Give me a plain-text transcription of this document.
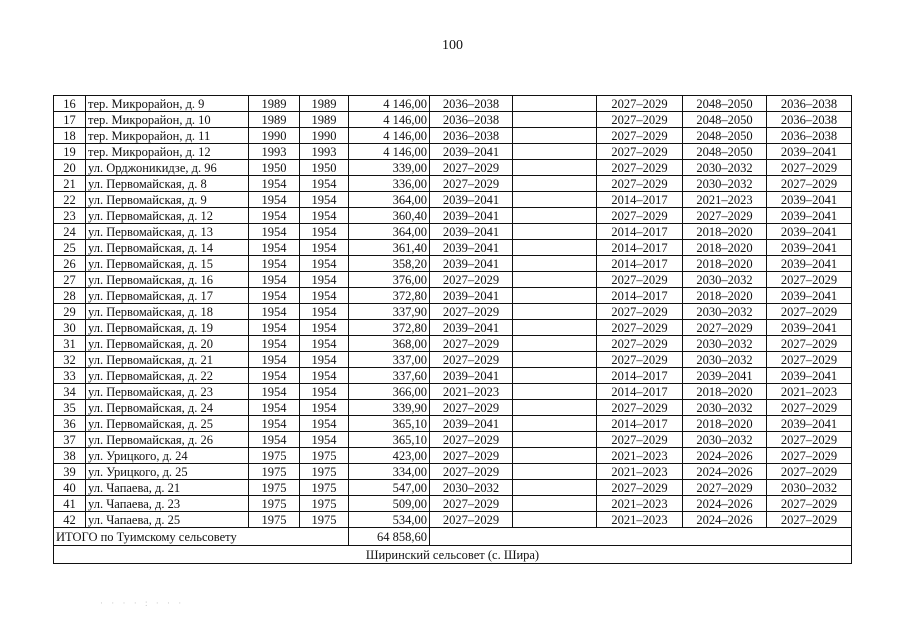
100
16	тер. Микрорайон, д. 9	1989	1989	4 146,00	2036–2038		2027–2029	2048–2050	2036–2038
17	тер. Микрорайон, д. 10	1989	1989	4 146,00	2036–2038		2027–2029	2048–2050	2036–2038
18	тер. Микрорайон, д. 11	1990	1990	4 146,00	2036–2038		2027–2029	2048–2050	2036–2038
19	тер. Микрорайон, д. 12	1993	1993	4 146,00	2039–2041		2027–2029	2048–2050	2039–2041
20	ул. Орджоникидзе, д. 96	1950	1950	339,00	2027–2029		2027–2029	2030–2032	2027–2029
21	ул. Первомайская, д. 8	1954	1954	336,00	2027–2029		2027–2029	2030–2032	2027–2029
22	ул. Первомайская, д. 9	1954	1954	364,00	2039–2041		2014–2017	2021–2023	2039–2041
23	ул. Первомайская, д. 12	1954	1954	360,40	2039–2041		2027–2029	2027–2029	2039–2041
24	ул. Первомайская, д. 13	1954	1954	364,00	2039–2041		2014–2017	2018–2020	2039–2041
25	ул. Первомайская, д. 14	1954	1954	361,40	2039–2041		2014–2017	2018–2020	2039–2041
26	ул. Первомайская, д. 15	1954	1954	358,20	2039–2041		2014–2017	2018–2020	2039–2041
27	ул. Первомайская, д. 16	1954	1954	376,00	2027–2029		2027–2029	2030–2032	2027–2029
28	ул. Первомайская, д. 17	1954	1954	372,80	2039–2041		2014–2017	2018–2020	2039–2041
29	ул. Первомайская, д. 18	1954	1954	337,90	2027–2029		2027–2029	2030–2032	2027–2029
30	ул. Первомайская, д. 19	1954	1954	372,80	2039–2041		2027–2029	2027–2029	2039–2041
31	ул. Первомайская, д. 20	1954	1954	368,00	2027–2029		2027–2029	2030–2032	2027–2029
32	ул. Первомайская, д. 21	1954	1954	337,00	2027–2029		2027–2029	2030–2032	2027–2029
33	ул. Первомайская, д. 22	1954	1954	337,60	2039–2041		2014–2017	2039–2041	2039–2041
34	ул. Первомайская, д. 23	1954	1954	366,00	2021–2023		2014–2017	2018–2020	2021–2023
35	ул. Первомайская, д. 24	1954	1954	339,90	2027–2029		2027–2029	2030–2032	2027–2029
36	ул. Первомайская, д. 25	1954	1954	365,10	2039–2041		2014–2017	2018–2020	2039–2041
37	ул. Первомайская, д. 26	1954	1954	365,10	2027–2029		2027–2029	2030–2032	2027–2029
38	ул. Урицкого, д. 24	1975	1975	423,00	2027–2029		2021–2023	2024–2026	2027–2029
39	ул. Урицкого, д. 25	1975	1975	334,00	2027–2029		2021–2023	2024–2026	2027–2029
40	ул. Чапаева, д. 21	1975	1975	547,00	2030–2032		2027–2029	2027–2029	2030–2032
41	ул. Чапаева, д. 23	1975	1975	509,00	2027–2029		2021–2023	2024–2026	2027–2029
42	ул. Чапаева, д. 25	1975	1975	534,00	2027–2029		2021–2023	2024–2026	2027–2029
ИТОГО по Туимскому сельсовету				64 858,60					
Ширинский сельсовет (с. Шира)									
· · · · : · · ·
